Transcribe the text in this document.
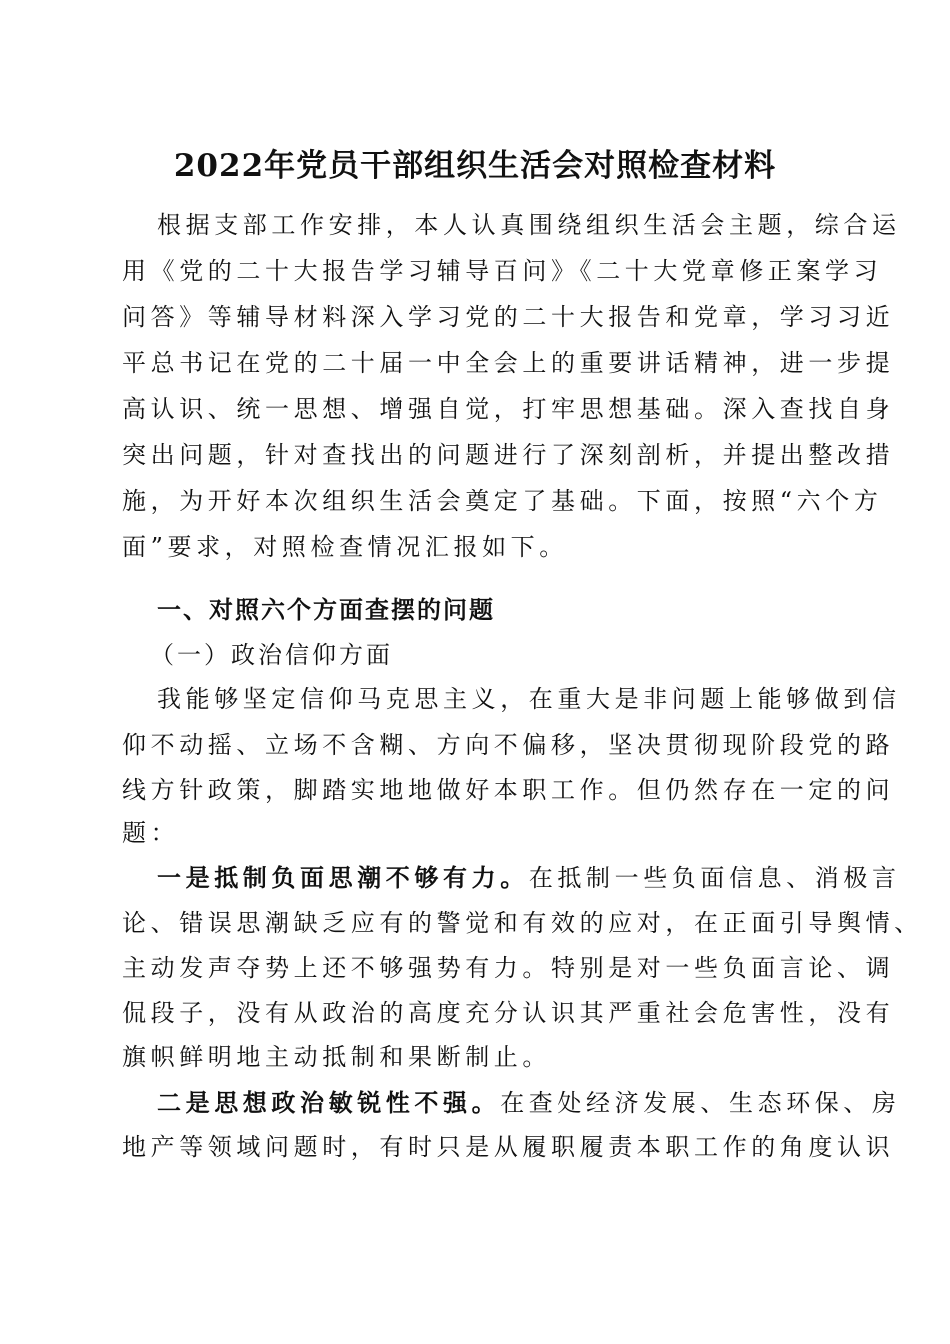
2022年党员干部组织生活会对照检查材料
根据支部工作安排，本人认真围绕组织生活会主题，综合运
用《党的二十大报告学习辅导百问》《二十大党章修正案学习
问答》等辅导材料深入学习党的二十大报告和党章，学习习近
平总书记在党的二十届一中全会上的重要讲话精神，进一步提
高认识、统一思想、增强自觉，打牢思想基础。深入查找自身
突出问题，针对查找出的问题进行了深刻剖析，并提出整改措
施，为开好本次组织生活会奠定了基础。下面，按照“六个方
面”要求，对照检查情况汇报如下。
一、对照六个方面查摆的问题
（一）政治信仰方面
我能够坚定信仰马克思主义，在重大是非问题上能够做到信
仰不动摇、立场不含糊、方向不偏移，坚决贯彻现阶段党的路
线方针政策，脚踏实地地做好本职工作。但仍然存在一定的问
题：
一是抵制负面思潮不够有力。在抵制一些负面信息、消极言
论、错误思潮缺乏应有的警觉和有效的应对，在正面引导舆情、
主动发声夺势上还不够强势有力。特别是对一些负面言论、调
侃段子，没有从政治的高度充分认识其严重社会危害性，没有
旗帜鲜明地主动抵制和果断制止。
二是思想政治敏锐性不强。在查处经济发展、生态环保、房
地产等领域问题时，有时只是从履职履责本职工作的角度认识
